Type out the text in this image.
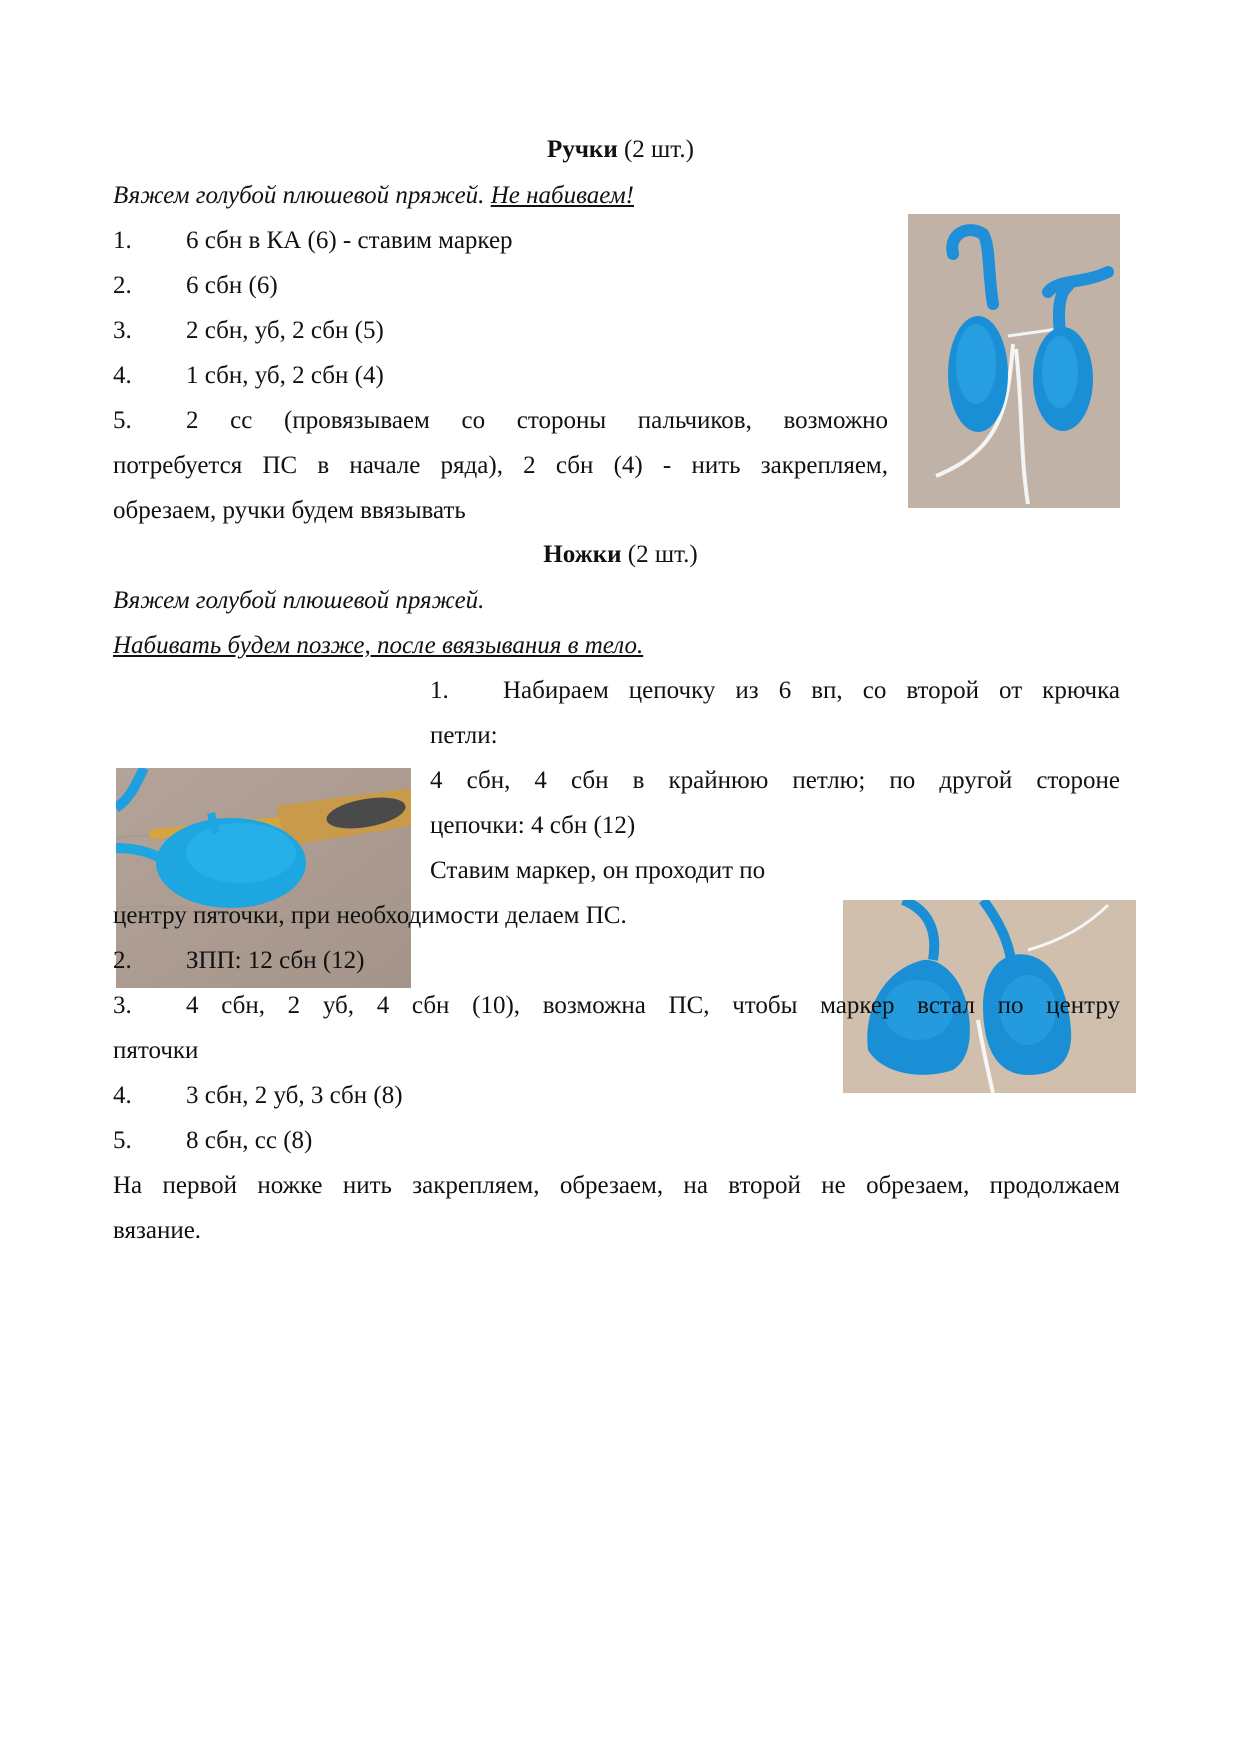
Ручки (2 шт.)
Вяжем голубой плюшевой пряжей. Не набиваем!
1. 6 сбн в КА (6) - ставим маркер
2. 6 сбн (6)
3. 2 сбн, уб, 2 сбн (5)
4. 1 сбн, уб, 2 сбн (4)
5. 2 сс (провязываем со стороны пальчиков, возможно
потребуется ПС в начале ряда), 2 сбн (4) - нить закрепляем,
обрезаем, ручки будем ввязывать
Ножки (2 шт.)
Вяжем голубой плюшевой пряжей.
Набивать будем позже, после ввязывания в тело.
1. Набираем цепочку из 6 вп, со второй от крючка
петли:
4 сбн, 4 сбн в крайнюю петлю; по другой стороне
цепочки: 4 сбн (12)
Ставим маркер, он проходит по
центру пяточки, при необходимости делаем ПС.
2. ЗПП: 12 сбн (12)
3. 4 сбн, 2 уб, 4 сбн (10), возможна ПС, чтобы маркер встал по центру
пяточки
4. 3 сбн, 2 уб, 3 сбн (8)
5. 8 сбн, сс (8)
На первой ножке нить закрепляем, обрезаем, на второй не обрезаем, продолжаем
вязание.
